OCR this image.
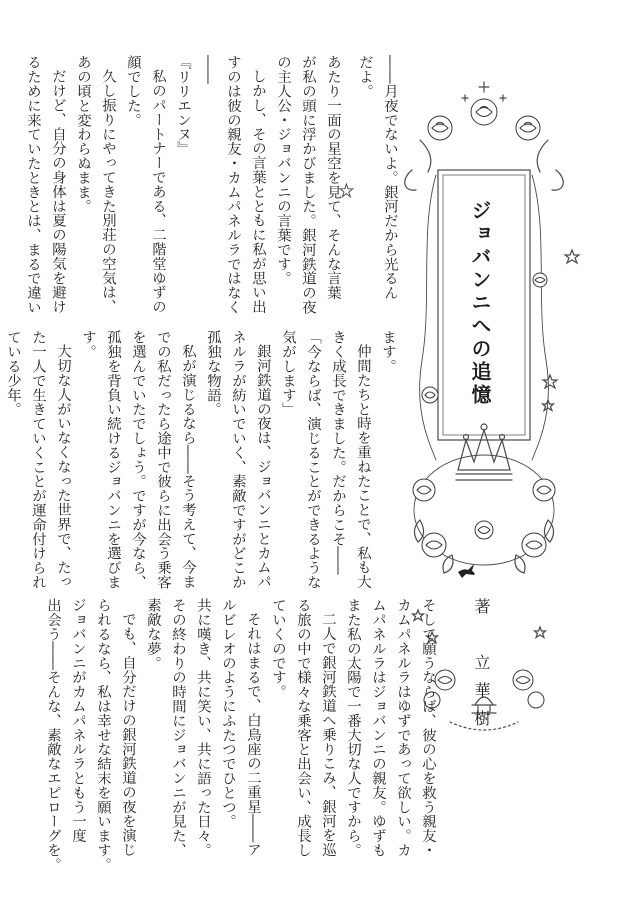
ジョバンニへの追憶
著　立華樹
――月夜でないよ。銀河だから光るん
だよ。
あたり一面の星空を見て、そんな言葉
が私の頭に浮かびました。銀河鉄道の夜
の主人公・ジョバンニの言葉です。
しかし、その言葉とともに私が思い出
すのは彼の親友・カムパネルラではなく
――
『リリエンヌ』
私のパートナーである、二階堂ゆずの
顔でした。
久し振りにやってきた別荘の空気は、
あの頃と変わらぬまま。
だけど、自分の身体は夏の陽気を避け
るために来ていたときとは、まるで違い
ます。
仲間たちと時を重ねたことで、私も大
きく成長できました。だからこそ――
「今ならば、演じることができるような
気がします」
銀河鉄道の夜は、ジョバンニとカムパ
ネルラが紡いでいく、素敵ですがどこか
孤独な物語。
私が演じるなら――そう考えて、今ま
での私だったら途中で彼らに出会う乗客
を選んでいたでしょう。ですが今なら、
孤独を背負い続けるジョバンニを選びま
す。
大切な人がいなくなった世界で、たっ
た一人で生きていくことが運命付けられ
ている少年。
そして願うならば、彼の心を救う親友・
カムパネルラはゆずであって欲しい。カ
ムパネルラはジョバンニの親友。ゆずも
また私の太陽で一番大切な人ですから。
二人で銀河鉄道へ乗りこみ、銀河を巡
る旅の中で様々な乗客と出会い、成長し
ていくのです。
それはまるで、白鳥座の二重星――ア
ルビレオのようにふたつでひとつ。
共に嘆き、共に笑い、共に語った日々。
その終わりの時間にジョバンニが見た、
素敵な夢。
でも、自分だけの銀河鉄道の夜を演じ
られるなら、私は幸せな結末を願います。
ジョバンニがカムパネルラともう一度
出会う――そんな、素敵なエピローグを。
